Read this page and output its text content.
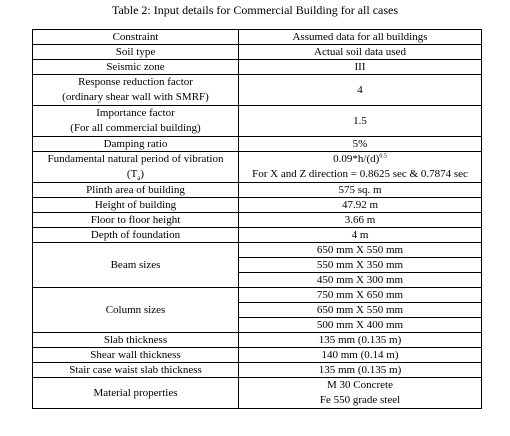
Table 2: Input details for Commercial Building for all cases
Constraint	Assumed data for all buildings
Soil type	Actual soil data used
Seismic zone	III

Response reduction factor
(ordinary shear wall with SMRF)	4

Importance factor
(For all commercial building)	1.5
Damping ratio	5%

Fundamental natural period of vibration
$(T_a)$	$0.09*h/(d)^{0.5}$
For X and Z direction = 0.8625 sec & 0.7874 sec

Plinth area of building	575 sq. m
Height of building	47.92 m
Floor to floor height	3.66 m
Depth of foundation	4 m
Beam sizes	650 mm X 550 mm
	550 mm X 350 mm
	450 mm X 300 mm
Column sizes	750 mm X 650 mm
	650 mm X 550 mm
	500 mm X 400 mm
Slab thickness	135 mm (0.135 m)
Shear wall thickness	140 mm (0.14 m)
Stair case waist slab thickness	135 mm (0.135 m)
Material properties	M 30 Concrete
Fe 550 grade steel
